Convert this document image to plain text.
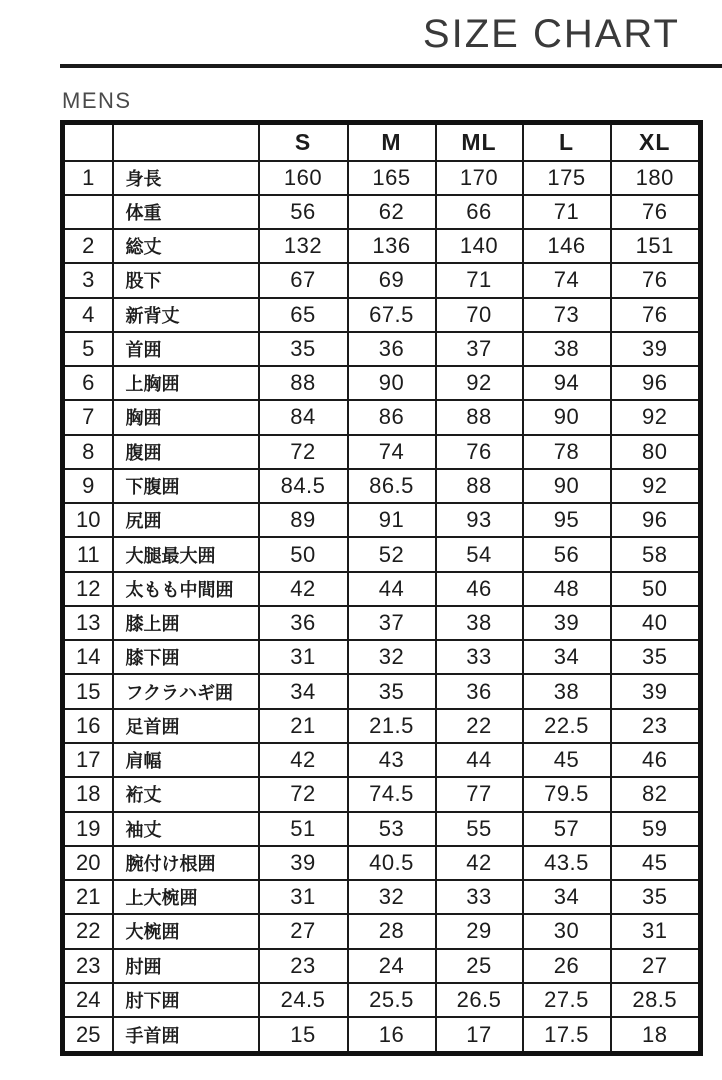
SIZE CHART
MENS
		S	M	ML	L	XL
1	身長	160	165	170	175	180
	体重	56	62	66	71	76
2	総丈	132	136	140	146	151
3	股下	67	69	71	74	76
4	新背丈	65	67.5	70	73	76
5	首囲	35	36	37	38	39
6	上胸囲	88	90	92	94	96
7	胸囲	84	86	88	90	92
8	腹囲	72	74	76	78	80
9	下腹囲	84.5	86.5	88	90	92
10	尻囲	89	91	93	95	96
11	大腿最大囲	50	52	54	56	58
12	太もも中間囲	42	44	46	48	50
13	膝上囲	36	37	38	39	40
14	膝下囲	31	32	33	34	35
15	フクラハギ囲	34	35	36	38	39
16	足首囲	21	21.5	22	22.5	23
17	肩幅	42	43	44	45	46
18	裄丈	72	74.5	77	79.5	82
19	袖丈	51	53	55	57	59
20	腕付け根囲	39	40.5	42	43.5	45
21	上大椀囲	31	32	33	34	35
22	大椀囲	27	28	29	30	31
23	肘囲	23	24	25	26	27
24	肘下囲	24.5	25.5	26.5	27.5	28.5
25	手首囲	15	16	17	17.5	18
